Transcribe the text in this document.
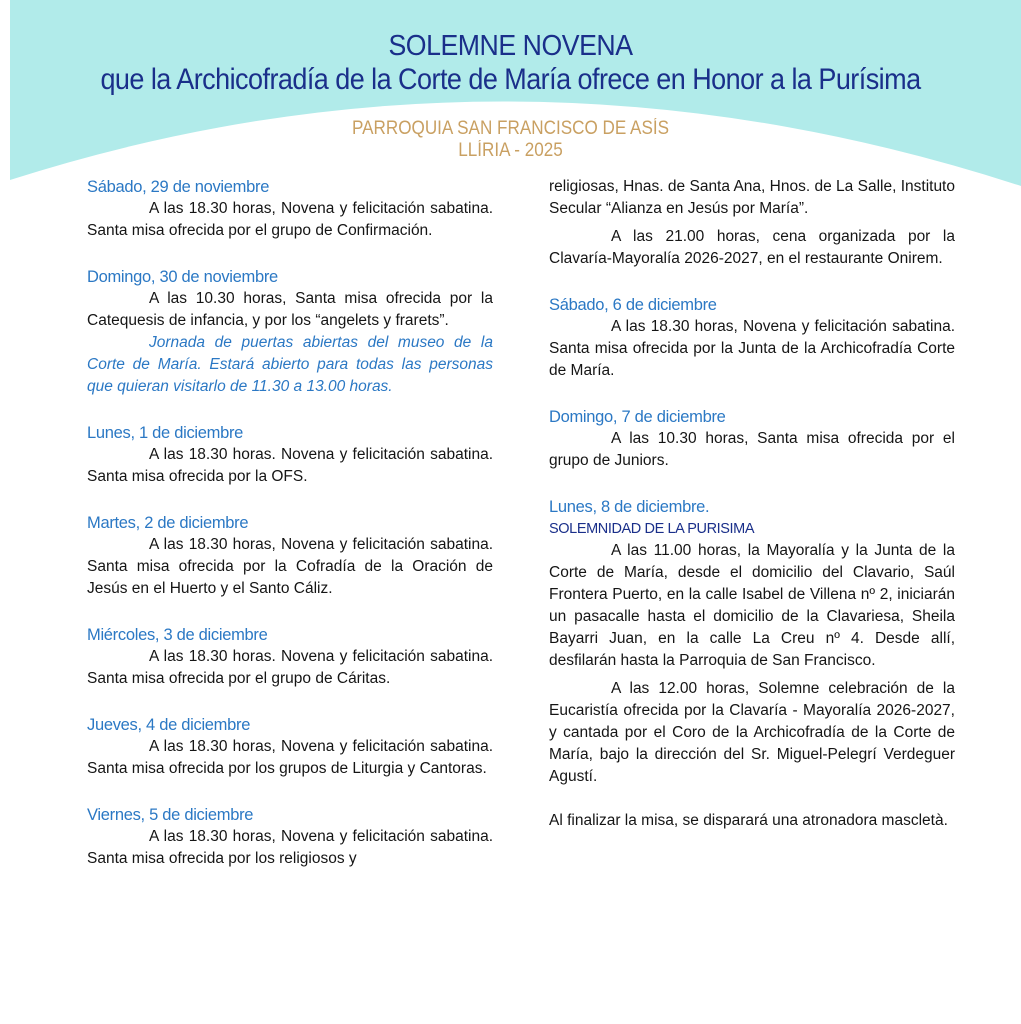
SOLEMNE NOVENA
que la Archicofradía de la Corte de María ofrece en Honor a la Purísima
PARROQUIA SAN FRANCISCO DE ASÍS
LLÍRIA - 2025

Sábado, 29 de noviembre

A las 18.30 horas, Novena y felicitación sabatina. Santa misa ofrecida por el grupo de Confirmación.

Domingo, 30 de noviembre

A las 10.30 horas, Santa misa ofrecida por la Catequesis de infancia, y por los “angelets y frarets”.

Jornada de puertas abiertas del museo de la Corte de María. Estará abierto para todas las personas que quieran visitarlo de 11.30 a 13.00 horas.

Lunes, 1 de diciembre

A las 18.30 horas. Novena y felicitación sabatina. Santa misa ofrecida por la OFS.

Martes, 2 de diciembre

A las 18.30 horas, Novena y felicitación sabatina. Santa misa ofrecida por la Cofradía de la Oración de Jesús en el Huerto y el Santo Cáliz.

Miércoles, 3 de diciembre

A las 18.30 horas. Novena y felicitación sabatina. Santa misa ofrecida por el grupo de Cáritas.

Jueves, 4 de diciembre

A las 18.30 horas, Novena y felicitación sabatina. Santa misa ofrecida por los grupos de Liturgia y Cantoras.

Viernes, 5 de diciembre

A las 18.30 horas, Novena y felicitación sabatina. Santa misa ofrecida por los religiosos y

religiosas, Hnas. de Santa Ana, Hnos. de La Salle, Instituto Secular “Alianza en Jesús por María”.

A las 21.00 horas, cena organizada por la Clavaría-Mayoralía 2026-2027, en el restaurante Onirem.

Sábado, 6 de diciembre

A las 18.30 horas, Novena y felicitación sabatina. Santa misa ofrecida por la Junta de la Archicofradía Corte de María.

Domingo, 7 de diciembre

A las 10.30 horas, Santa misa ofrecida por el grupo de Juniors.

Lunes, 8 de diciembre.

SOLEMNIDAD DE LA PURISIMA

A las 11.00 horas, la Mayoralía y la Junta de la Corte de María, desde el domicilio del Clavario, Saúl Frontera Puerto, en la calle Isabel de Villena nº 2, iniciarán un pasacalle hasta el domicilio de la Clavariesa, Sheila Bayarri Juan, en la calle La Creu nº 4. Desde allí, desfilarán hasta la Parroquia de San Francisco.

A las 12.00 horas, Solemne celebración de la Eucaristía ofrecida por la Clavaría - Mayoralía 2026-2027, y cantada por el Coro de la Archicofradía de la Corte de María, bajo la dirección del Sr. Miguel-Pelegrí Verdeguer Agustí.

Al finalizar la misa, se disparará una atronadora mascletà.
